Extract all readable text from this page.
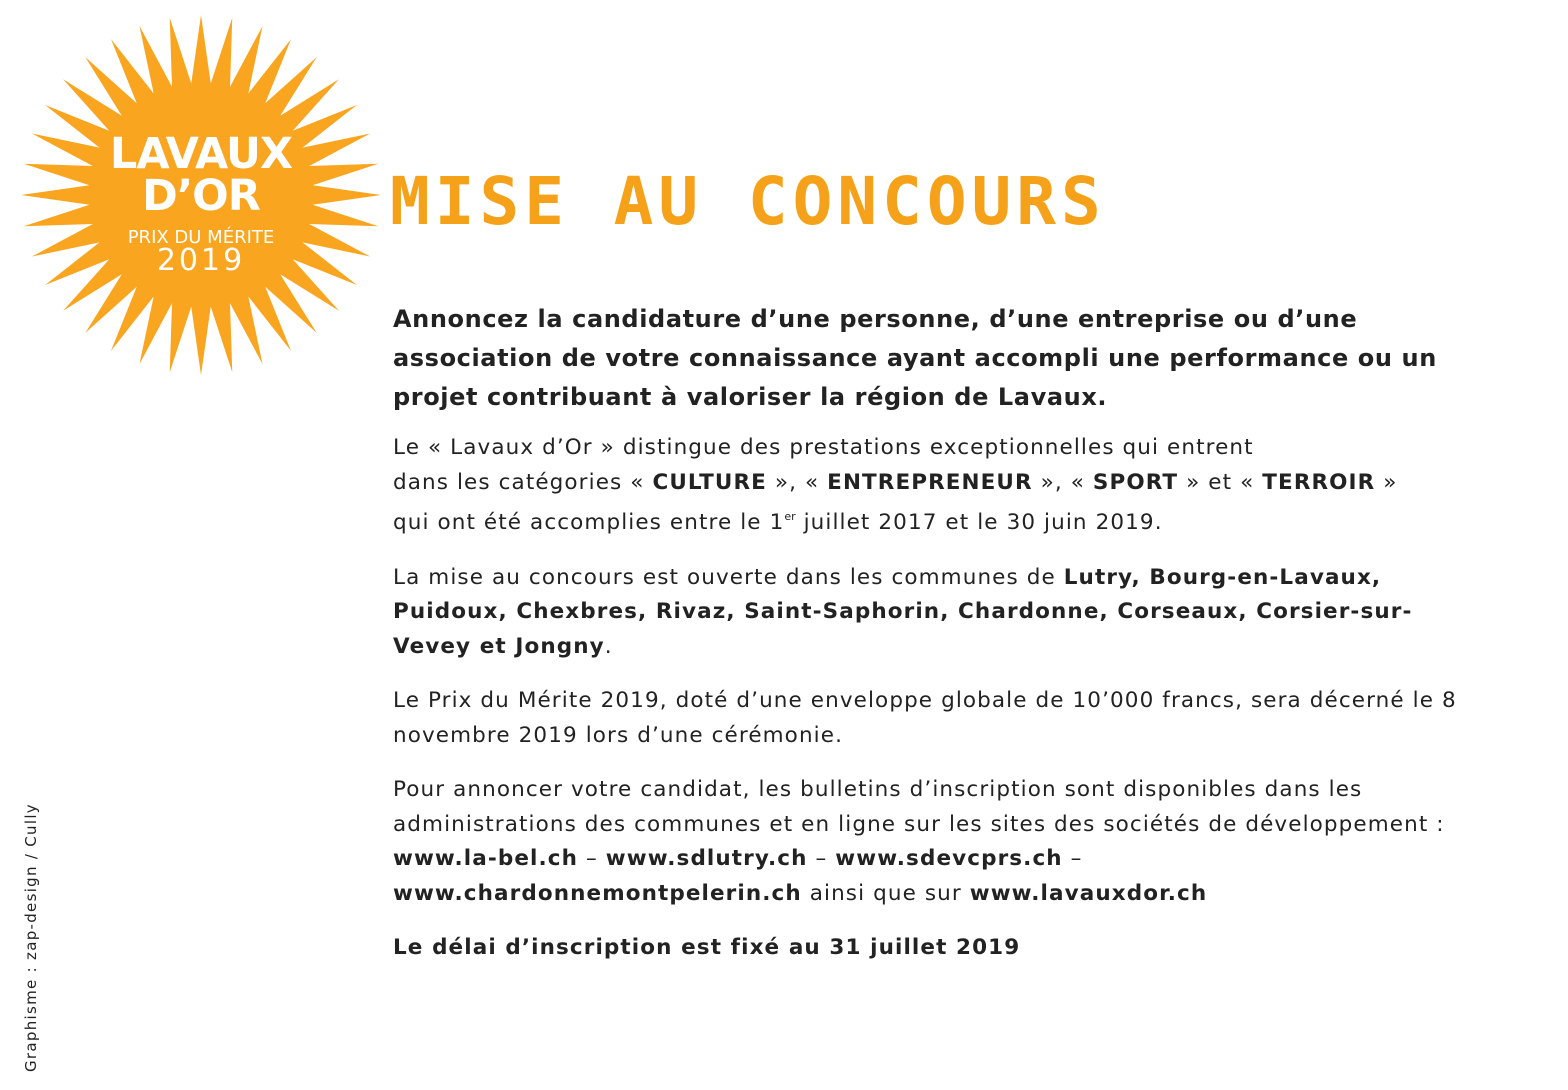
LAVAUX
D’OR
PRIX DU MÉRITE
2019
MISE AU CONCOURS

Annoncez la candidature d’une personne, d’une entreprise ou d’une association de votre connaissance ayant accompli une performance ou un projet contribuant à valoriser la région de Lavaux.

Le « Lavaux d’Or » distingue des prestations exceptionnelles qui entrent
dans les catégories « CULTURE », « ENTREPRENEUR », « SPORT » et « TERROIR »
qui ont été accomplies entre le 1er juillet 2017 et le 30 juin 2019.

La mise au concours est ouverte dans les communes de Lutry, Bourg-en-Lavaux, Puidoux, Chexbres, Rivaz, Saint-Saphorin, Chardonne, Corseaux, Corsier-sur-Vevey et Jongny.

Le Prix du Mérite 2019, doté d’une enveloppe globale de 10’000 francs, sera décerné le 8 novembre 2019 lors d’une cérémonie.

Pour annoncer votre candidat, les bulletins d’inscription sont disponibles dans les administrations des communes et en ligne sur les sites des sociétés de développement : www.la-bel.ch – www.sdlutry.ch – www.sdevcprs.ch – www.chardonnemontpelerin.ch ainsi que sur www.lavauxdor.ch

Le délai d’inscription est fixé au 31 juillet 2019

Graphisme : zap-design / Cully
